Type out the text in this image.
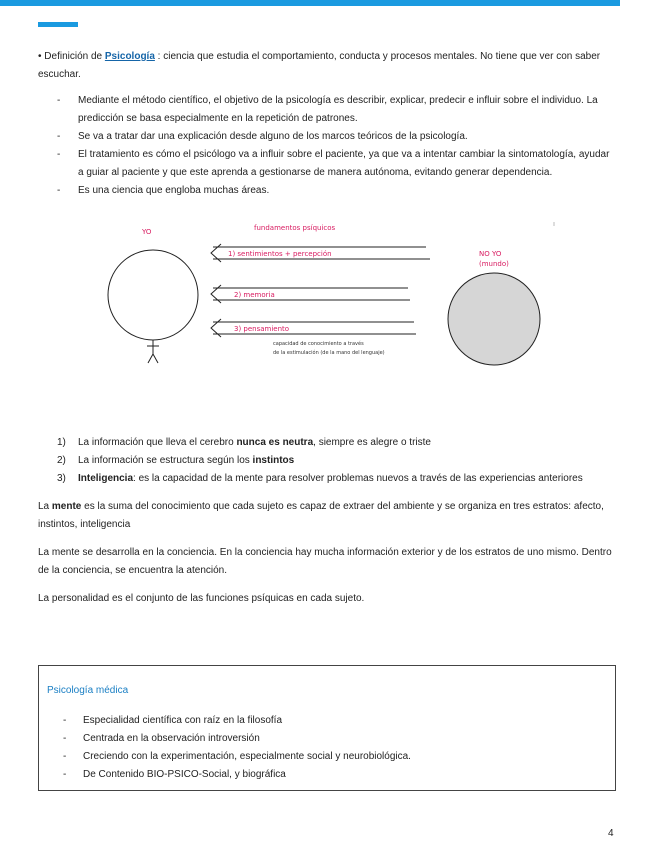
• Definición de Psicología : ciencia que estudia el comportamiento, conducta y procesos mentales. No tiene que ver con saber escuchar.

- Mediante el método científico, el objetivo de la psicología es describir, explicar, predecir e influir sobre el individuo. La predicción se basa especialmente en la repetición de patrones.
- Se va a tratar dar una explicación desde alguno de los marcos teóricos de la psicología.
- El tratamiento es cómo el psicólogo va a influir sobre el paciente, ya que va a intentar cambiar la sintomatología, ayudar a guiar al paciente y que este aprenda a gestionarse de manera autónoma, evitando generar dependencia.
- Es una ciencia que engloba muchas áreas.
YO	fundamentos psíquicos
1) sentimientos + percepción
2) memoria
3) pensamiento
capacidad de conocimiento a través
de la estimulación (de la mano del lenguaje)
NO YO
(mundo)
1) La información que lleva el cerebro nunca es neutra, siempre es alegre o triste
2) La información se estructura según los instintos
3) Inteligencia: es la capacidad de la mente para resolver problemas nuevos a través de las experiencias anteriores

La mente es la suma del conocimiento que cada sujeto es capaz de extraer del ambiente y se organiza en tres estratos: afecto, instintos, inteligencia

La mente se desarrolla en la conciencia. En la conciencia hay mucha información exterior y de los estratos de uno mismo. Dentro de la conciencia, se encuentra la atención.

La personalidad es el conjunto de las funciones psíquicas en cada sujeto.

Psicología médica
- Especialidad científica con raíz en la filosofía
- Centrada en la observación introversión
- Creciendo con la experimentación, especialmente social y neurobiológica.
- De Contenido BIO-PSICO-Social, y biográfica
4
